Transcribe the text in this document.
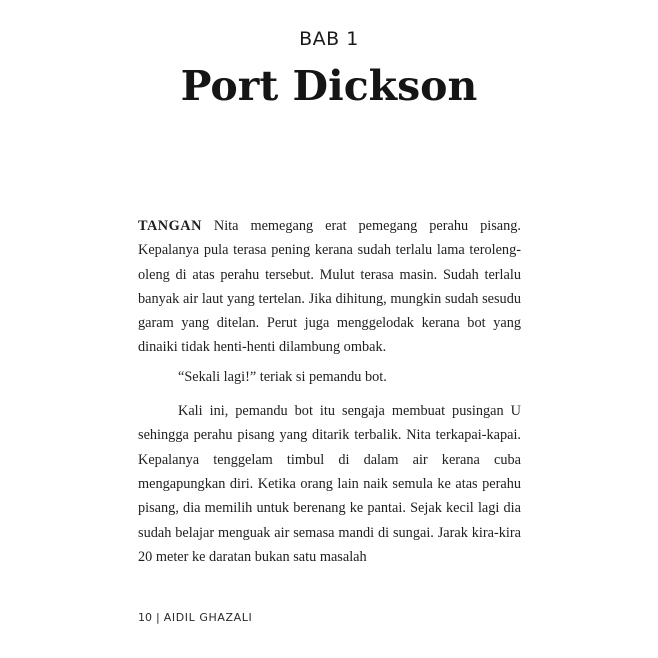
BAB 1
Port Dickson

TANGAN Nita memegang erat pemegang perahu pisang. Kepalanya pula terasa pening kerana sudah terlalu lama teroleng-oleng di atas perahu tersebut. Mulut terasa masin. Sudah terlalu banyak air laut yang tertelan. Jika dihitung, mungkin sudah sesudu garam yang ditelan. Perut juga menggelodak kerana bot yang dinaiki tidak henti-henti dilambung ombak.

“Sekali lagi!” teriak si pemandu bot.

Kali ini, pemandu bot itu sengaja membuat pusingan U sehingga perahu pisang yang ditarik terbalik. Nita terkapai-kapai. Kepalanya tenggelam timbul di dalam air kerana cuba mengapungkan diri. Ketika orang lain naik semula ke atas perahu pisang, dia memilih untuk berenang ke pantai. Sejak kecil lagi dia sudah belajar menguak air semasa mandi di sungai. Jarak kira-kira 20 meter ke daratan bukan satu masalah

10 | AIDIL GHAZALI
